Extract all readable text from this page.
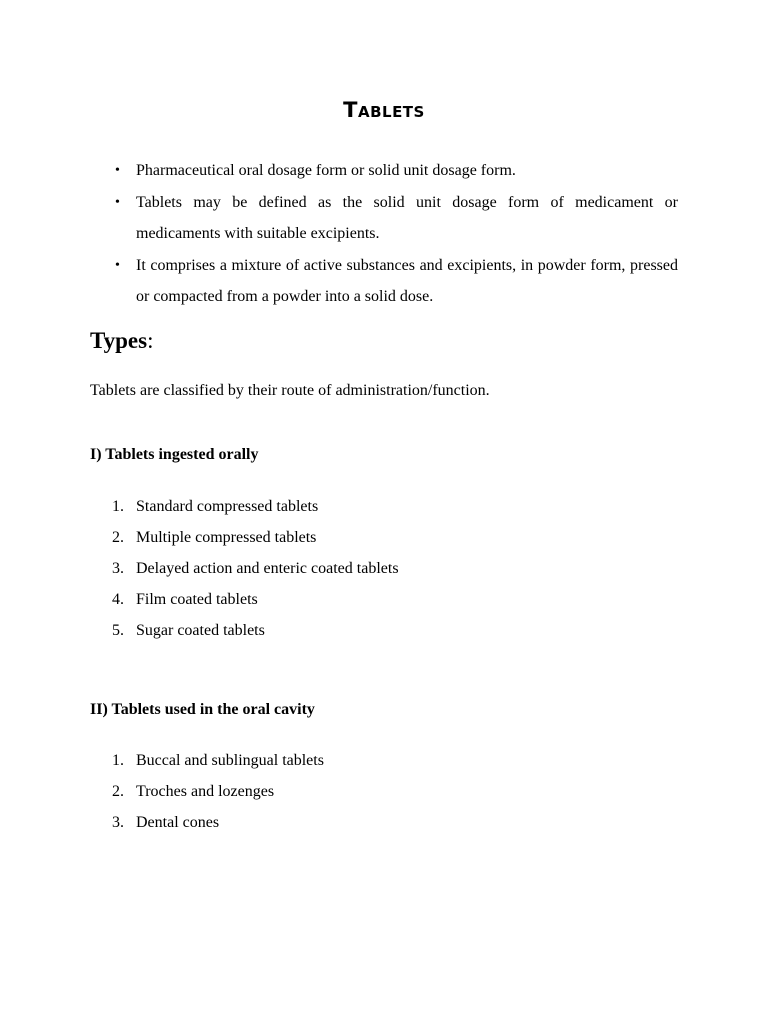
Tablets
• Pharmaceutical oral dosage form or solid unit dosage form.
• Tablets may be defined as the solid unit dosage form of medicament or medicaments with suitable excipients.
• It comprises a mixture of active substances and excipients, in powder form, pressed or compacted from a powder into a solid dose.
Types:

Tablets are classified by their route of administration/function.

I) Tablets ingested orally
1. Standard compressed tablets
2. Multiple compressed tablets
3. Delayed action and enteric coated tablets
4. Film coated tablets
5. Sugar coated tablets
II) Tablets used in the oral cavity
1. Buccal and sublingual tablets
2. Troches and lozenges
3. Dental cones
